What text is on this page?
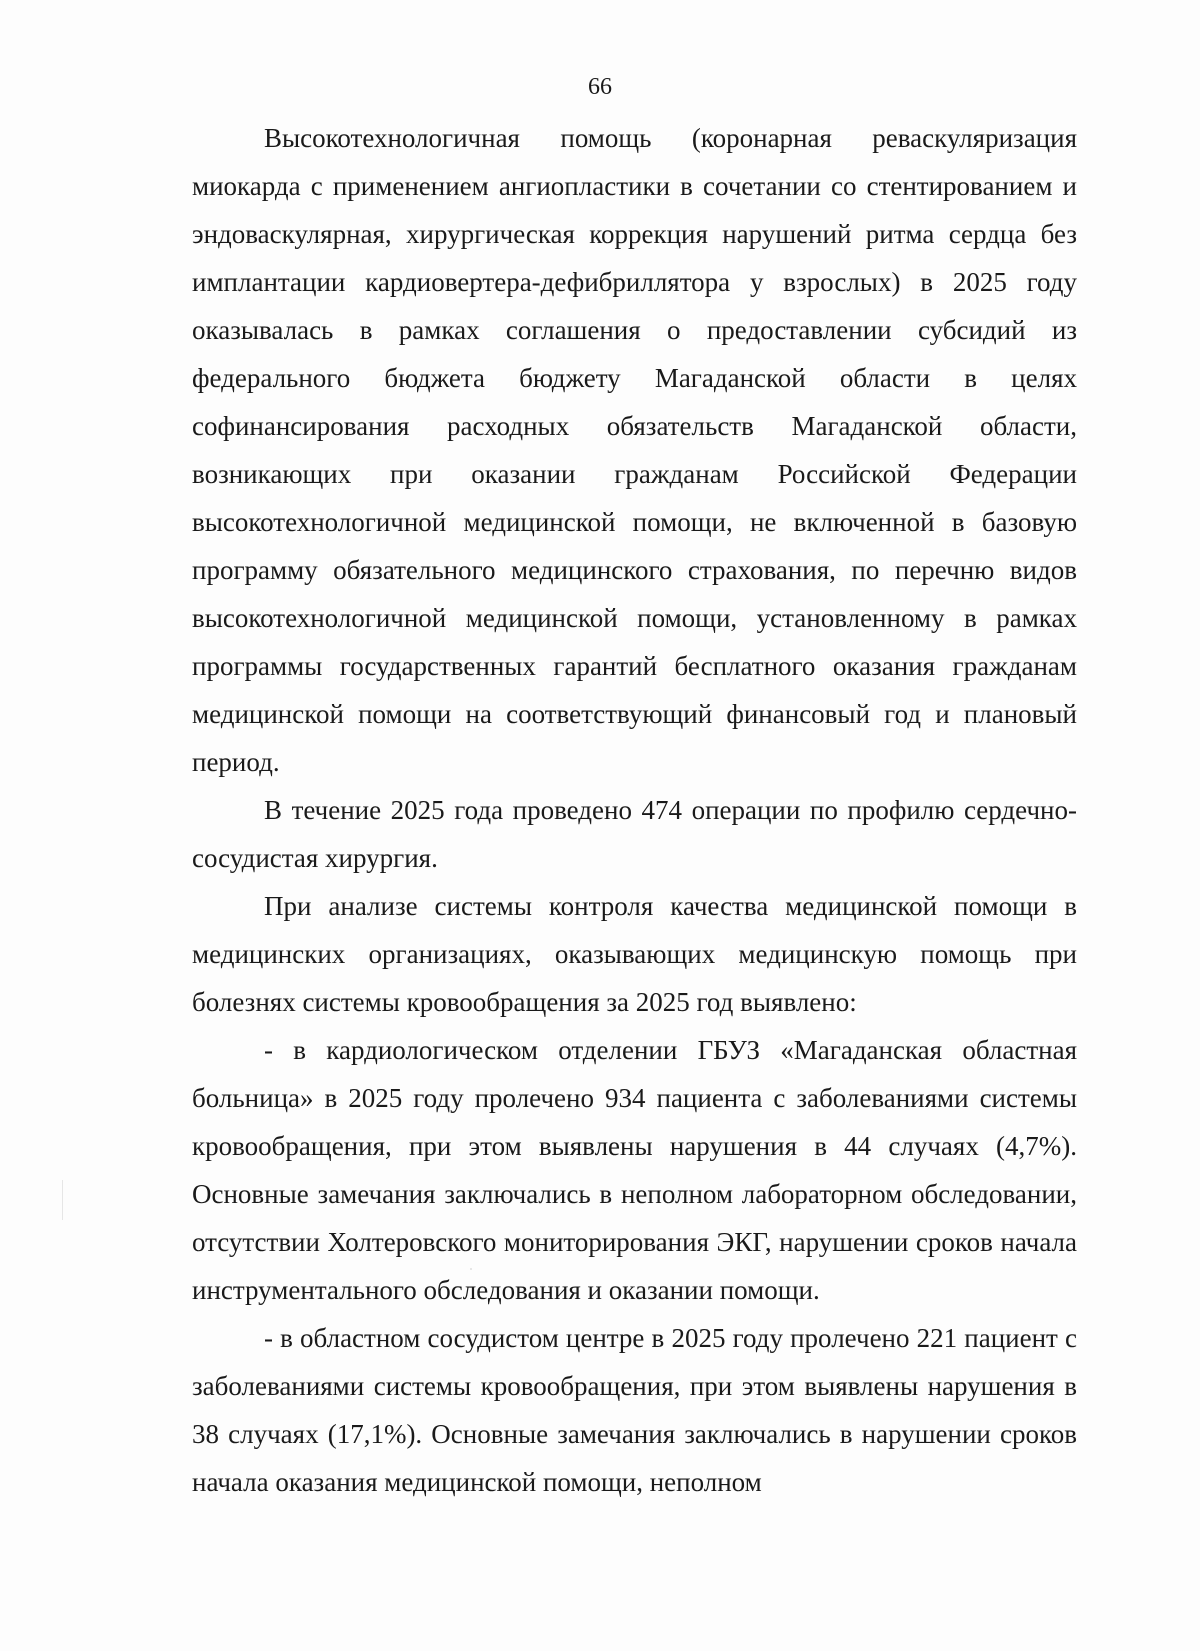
66

Высокотехнологичная помощь (коронарная реваскуляризация миокарда с применением ангиопластики в сочетании со стентированием и эндоваскулярная, хирургическая коррекция нарушений ритма сердца без имплантации кардиовертера-дефибриллятора у взрослых) в 2025 году оказывалась в рамках соглашения о предоставлении субсидий из федерального бюджета бюджету Магаданской области в целях софинансирования расходных обязательств Магаданской области, возникающих при оказании гражданам Российской Федерации высокотехнологичной медицинской помощи, не включенной в базовую программу обязательного медицинского страхования, по перечню видов высокотехнологичной медицинской помощи, установленному в рамках программы государственных гарантий бесплатного оказания гражданам медицинской помощи на соответствующий финансовый год и плановый период.

В течение 2025 года проведено 474 операции по профилю сердечно-сосудистая хирургия.

При анализе системы контроля качества медицинской помощи в медицинских организациях, оказывающих медицинскую помощь при болезнях системы кровообращения за 2025 год выявлено:

- в кардиологическом отделении ГБУЗ «Магаданская областная больница» в 2025 году пролечено 934 пациента с заболеваниями системы кровообращения, при этом выявлены нарушения в 44 случаях (4,7%). Основные замечания заключались в неполном лабораторном обследовании, отсутствии Холтеровского мониторирования ЭКГ, нарушении сроков начала инструментального обследования и оказании помощи.

- в областном сосудистом центре в 2025 году пролечено 221 пациент с заболеваниями системы кровообращения, при этом выявлены нарушения в 38 случаях (17,1%). Основные замечания заключались в нарушении сроков начала оказания медицинской помощи, неполном
